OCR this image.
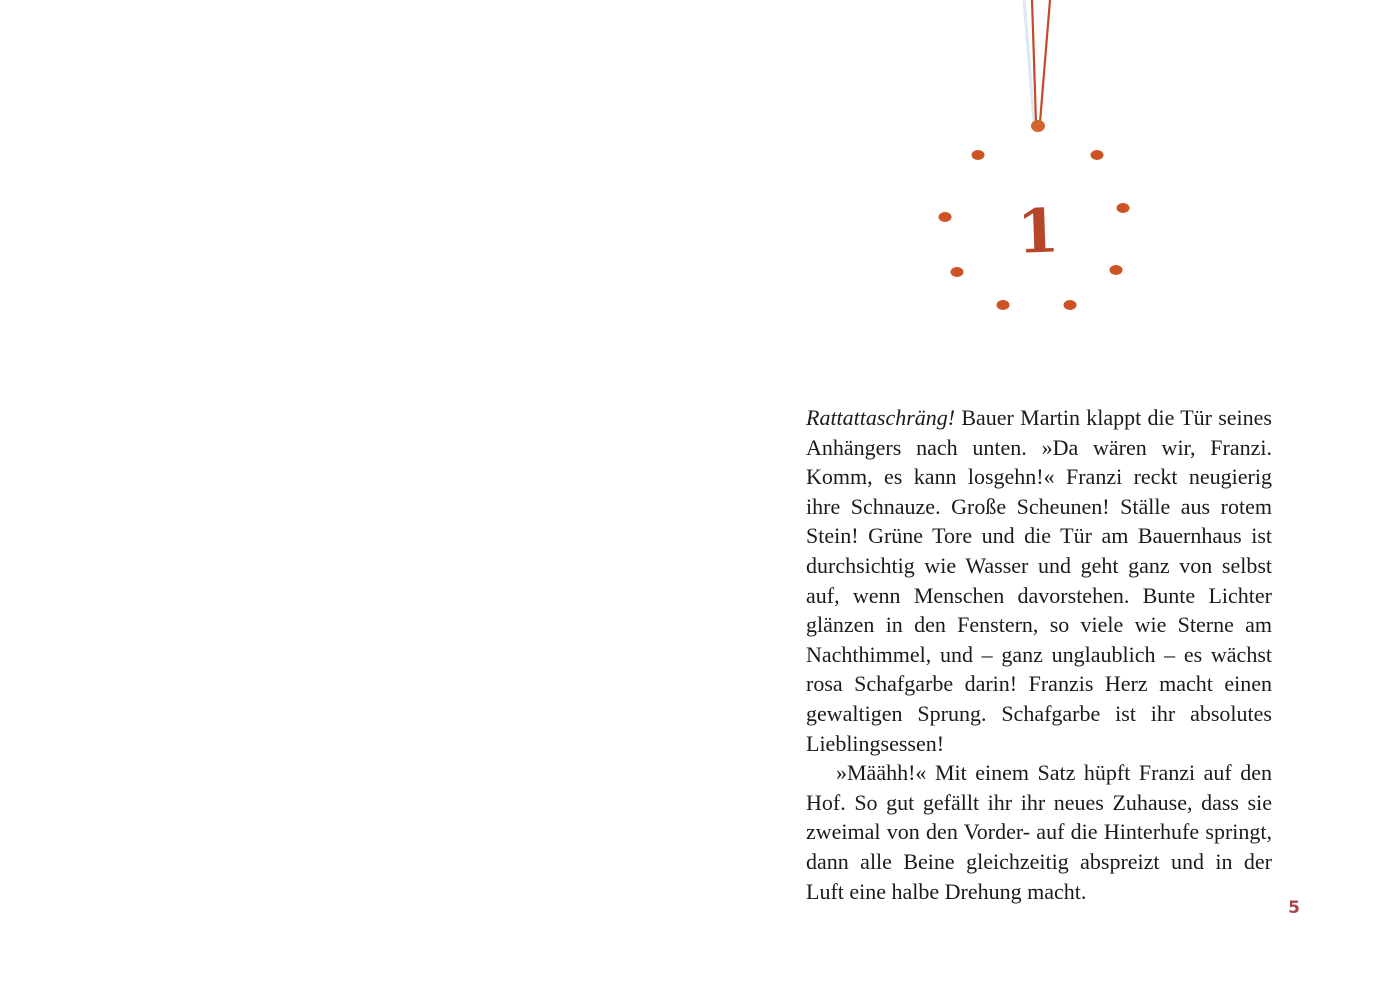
1

Rattattaschräng! Bauer Martin klappt die Tür seines Anhängers nach unten. »Da wären wir, Franzi. Komm, es kann losgehn!« Franzi reckt neugierig ihre Schnauze. Große Scheunen! Ställe aus rotem Stein! Grüne Tore und die Tür am Bauernhaus ist durchsichtig wie Wasser und geht ganz von selbst auf, wenn Menschen davorstehen. Bunte Lichter glänzen in den Fenstern, so viele wie Sterne am Nachthimmel, und – ganz unglaublich – es wächst rosa Schafgarbe darin! Franzis Herz macht einen gewaltigen Sprung. Schafgarbe ist ihr absolutes Lieblingsessen!

»Määhh!« Mit einem Satz hüpft Franzi auf den Hof. So gut gefällt ihr ihr neues Zuhause, dass sie zweimal von den Vorder- auf die Hinterhufe springt, dann alle Beine gleichzeitig abspreizt und in der Luft eine halbe Drehung macht.

5
